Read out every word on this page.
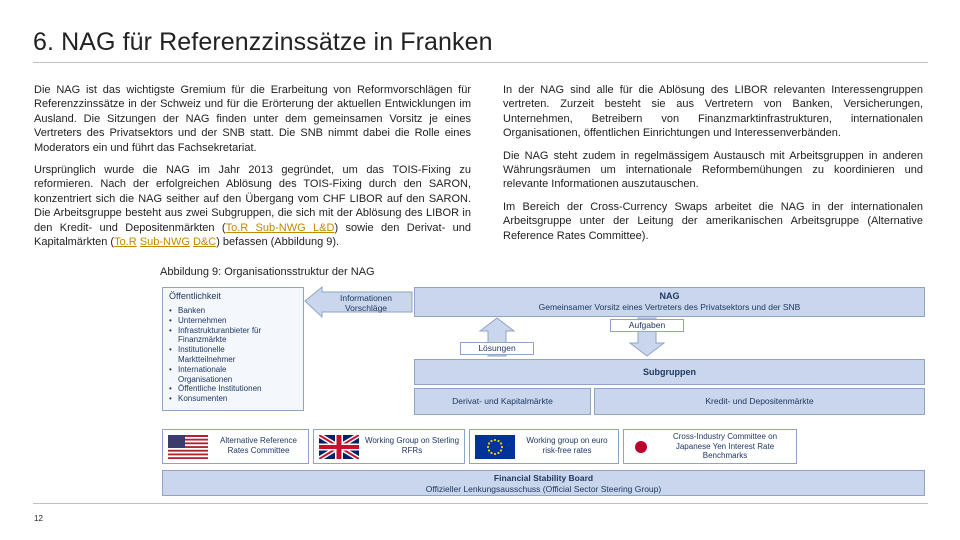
6. NAG für Referenzzinssätze in Franken

Die NAG ist das wichtigste Gremium für die Erarbeitung von Reformvorschlägen für Referenzzinssätze in der Schweiz und für die Erörterung der aktuellen Entwicklungen im Ausland. Die Sitzungen der NAG finden unter dem gemeinsamen Vorsitz je eines Vertreters des Privatsektors und der SNB statt. Die SNB nimmt dabei die Rolle eines Moderators ein und führt das Fachsekretariat.

Ursprünglich wurde die NAG im Jahr 2013 gegründet, um das TOIS-Fixing zu reformieren. Nach der erfolgreichen Ablösung des TOIS-Fixing durch den SARON, konzentriert sich die NAG seither auf den Übergang vom CHF LIBOR auf den SARON. Die Arbeitsgruppe besteht aus zwei Subgruppen, die sich mit der Ablösung des LIBOR in den Kredit- und Depositenmärkten (To.R Sub-NWG L&D) sowie den Derivat- und Kapitalmärkten (To.R Sub-NWG D&C) befassen (Abbildung 9).

In der NAG sind alle für die Ablösung des LIBOR relevanten Interessengruppen vertreten. Zurzeit besteht sie aus Vertretern von Banken, Versicherungen, Unternehmen, Betreibern von Finanzmarktinfrastrukturen, internationalen Organisationen, öffentlichen Einrichtungen und Interessenverbänden.

Die NAG steht zudem in regelmässigem Austausch mit Arbeitsgruppen in anderen Währungsräumen um internationale Reformbemühungen zu koordinieren und relevante Informationen auszutauschen.

Im Bereich der Cross-Currency Swaps arbeitet die NAG in der internationalen Arbeitsgruppe unter der Leitung der amerikanischen Arbeitsgruppe (Alternative Reference Rates Committee).

Abbildung 9: Organisationsstruktur der NAG
Öffentlichkeit
• Banken
• Unternehmen
• Infrastrukturanbieter für Finanzmärkte
• Institutionelle Marktteilnehmer
• Internationale Organisationen
• Öffentliche Institutionen
• Konsumenten
Informationen Vorschläge
NAG
Gemeinsamer Vorsitz eines Vertreters des Privatsektors und der SNB
Lösungen
Aufgaben
Subgruppen
Derivat- und Kapitalmärkte	Kredit- und Depositenmärkte
Alternative Reference Rates Committee
Working Group on Sterling RFRs
Working group on euro risk-free rates
Cross-Industry Committee on Japanese Yen Interest Rate Benchmarks
Financial Stability Board
Offizieller Lenkungsausschuss (Official Sector Steering Group)
12
